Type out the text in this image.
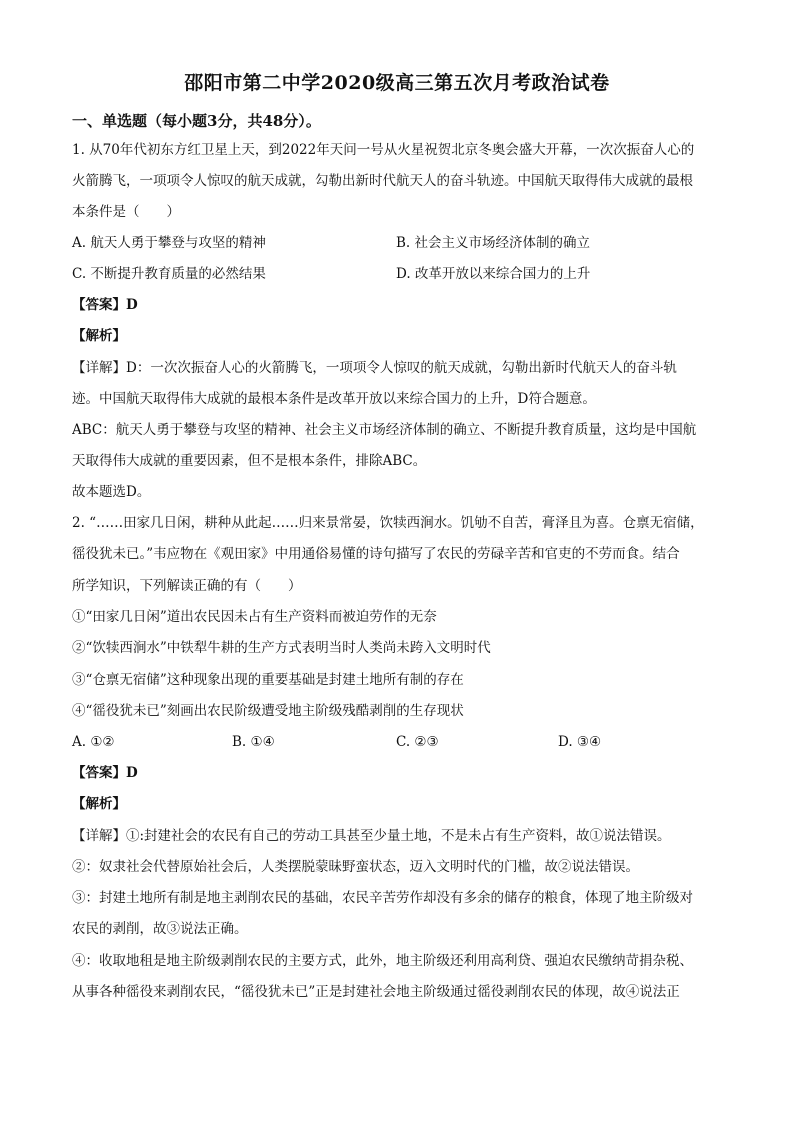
邵阳市第二中学2020级高三第五次月考政治试卷
一、单选题（每小题3分，共48分）。
1. 从70年代初东方红卫星上天，到2022年天问一号从火星祝贺北京冬奥会盛大开幕，一次次振奋人心的
火箭腾飞，一项项令人惊叹的航天成就，勾勒出新时代航天人的奋斗轨迹。中国航天取得伟大成就的最根
本条件是（　　）
A. 航天人勇于攀登与攻坚的精神	B. 社会主义市场经济体制的确立
C. 不断提升教育质量的必然结果	D. 改革开放以来综合国力的上升
【答案】D
【解析】
【详解】D：一次次振奋人心的火箭腾飞，一项项令人惊叹的航天成就，勾勒出新时代航天人的奋斗轨
迹。中国航天取得伟大成就的最根本条件是改革开放以来综合国力的上升，D符合题意。
ABC：航天人勇于攀登与攻坚的精神、社会主义市场经济体制的确立、不断提升教育质量，这均是中国航
天取得伟大成就的重要因素，但不是根本条件，排除ABC。
故本题选D。
2. “……田家几日闲，耕种从此起……归来景常晏，饮犊西涧水。饥劬不自苦，膏泽且为喜。仓禀无宿储，
徭役犹未已。”韦应物在《观田家》中用通俗易懂的诗句描写了农民的劳碌辛苦和官吏的不劳而食。结合
所学知识，下列解读正确的有（　　）
①“田家几日闲”道出农民因未占有生产资料而被迫劳作的无奈
②“饮犊西涧水”中铁犁牛耕的生产方式表明当时人类尚未跨入文明时代
③“仓禀无宿储”这种现象出现的重要基础是封建土地所有制的存在
④“徭役犹未已”刻画出农民阶级遭受地主阶级残酷剥削的生存现状
A. ①②	B. ①④	C. ②③	D. ③④
【答案】D
【解析】
【详解】①:封建社会的农民有自己的劳动工具甚至少量土地，不是未占有生产资料，故①说法错误。
②：奴隶社会代替原始社会后，人类摆脱蒙昧野蛮状态，迈入文明时代的门槛，故②说法错误。
③：封建土地所有制是地主剥削农民的基础，农民辛苦劳作却没有多余的储存的粮食，体现了地主阶级对
农民的剥削，故③说法正确。
④：收取地租是地主阶级剥削农民的主要方式，此外，地主阶级还利用高利贷、强迫农民缴纳苛捐杂税、
从事各种徭役来剥削农民，“徭役犹未已”正是封建社会地主阶级通过徭役剥削农民的体现，故④说法正
